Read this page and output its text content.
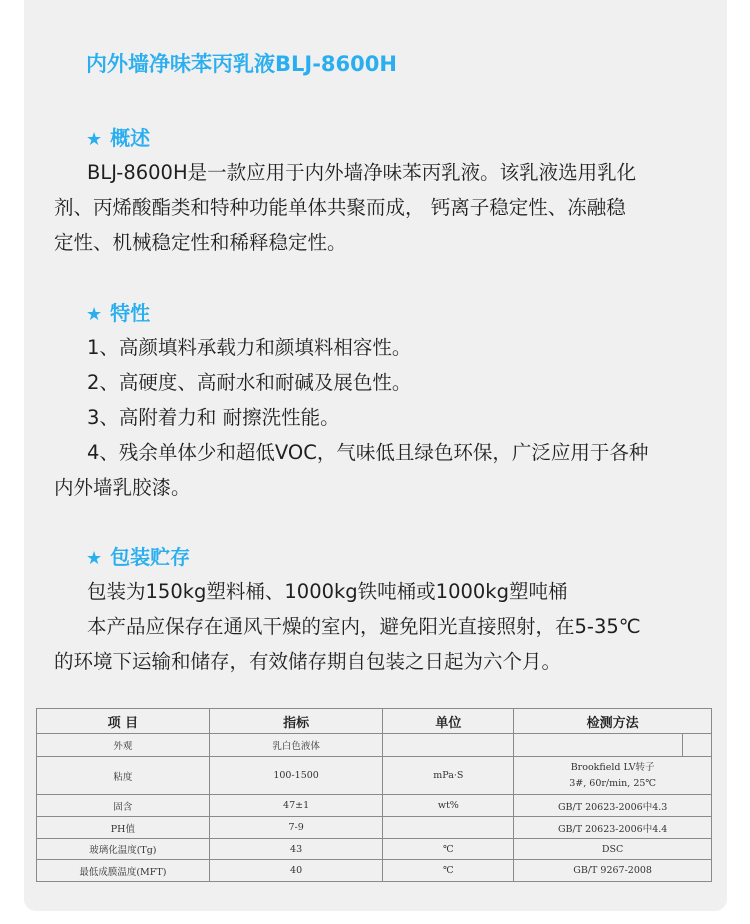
内外墙净味苯丙乳液BLJ-8600H
★ 概述
BLJ-8600H是一款应用于内外墙净味苯丙乳液。该乳液选用乳化
剂、丙烯酸酯类和特种功能单体共聚而成， 钙离子稳定性、冻融稳
定性、机械稳定性和稀释稳定性。
★ 特性
1、高颜填料承载力和颜填料相容性。
2、高硬度、高耐水和耐碱及展色性。
3、高附着力和 耐擦洗性能。
4、残余单体少和超低VOC，气味低且绿色环保，广泛应用于各种
内外墙乳胶漆。
★ 包装贮存
包装为150kg塑料桶、1000kg铁吨桶或1000kg塑吨桶
本产品应保存在通风干燥的室内，避免阳光直接照射，在5-35℃
的环境下运输和储存，有效储存期自包装之日起为六个月。
项 目	指标	单位	检测方法
外观	乳白色液体		

粘度	100-1500	mPa·S	Brookfield LV转子
3#, 60r/min, 25℃

固含	47±1	wt%	GB/T 20623-2006中4.3
PH值	7-9		GB/T 20623-2006中4.4
玻璃化温度(Tg)	43	℃	DSC
最低成膜温度(MFT)	40	℃	GB/T 9267-2008
